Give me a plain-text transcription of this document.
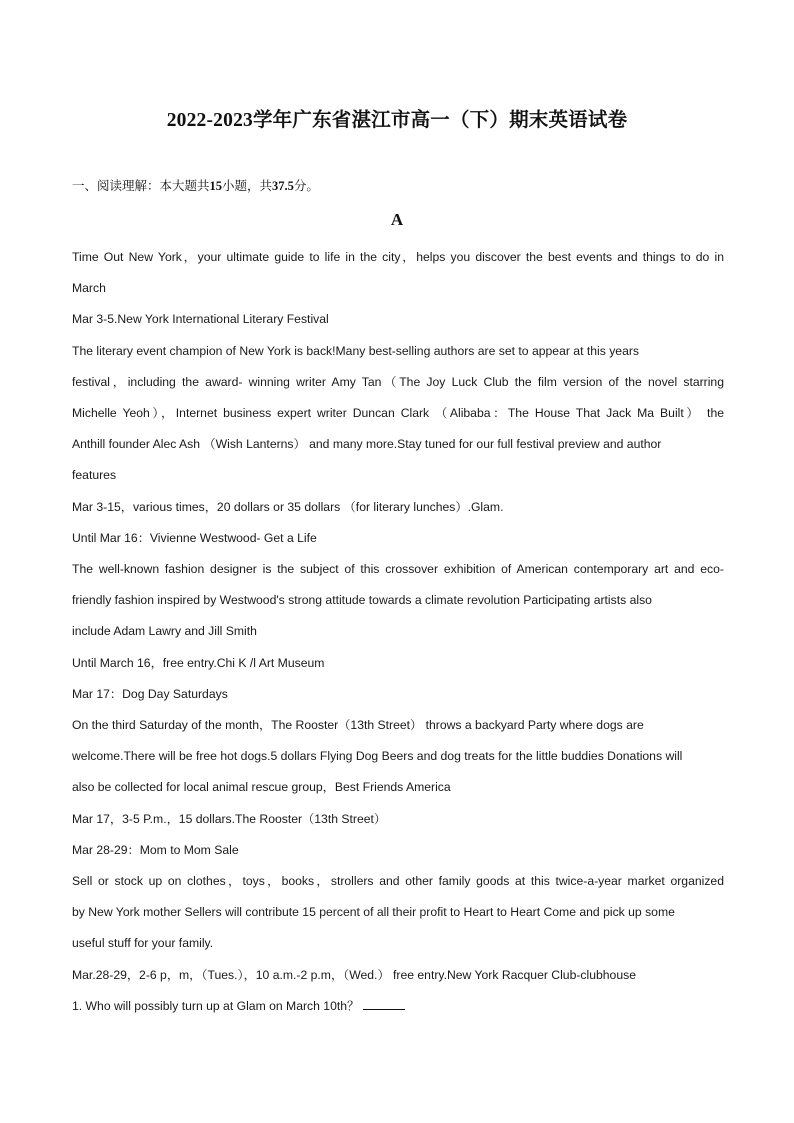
2022-2023学年广东省湛江市高一（下）期末英语试卷
一、阅读理解：本大题共15小题，共37.5分。
A
Time Out New York，your ultimate guide to life in the city，helps you discover the best events and things to do in
March
Mar 3-5.New York International Literary Festival
The literary event champion of New York is back!Many best-selling authors are set to appear at this years
festival，including the award- winning writer Amy Tan（The Joy Luck Club the film version of the novel starring
Michelle Yeoh），Internet business expert writer Duncan Clark （Alibaba：The House That Jack Ma Built） the
Anthill founder Alec Ash （Wish Lanterns） and many more.Stay tuned for our full festival preview and author
features
Mar 3-15，various times，20 dollars or 35 dollars （for literary lunches）.Glam.
Until Mar 16：Vivienne Westwood- Get a Life
The well-known fashion designer is the subject of this crossover exhibition of American contemporary art and eco-
friendly fashion inspired by Westwood's strong attitude towards a climate revolution Participating artists also
include Adam Lawry and Jill Smith
Until March 16，free entry.Chi K /l Art Museum
Mar 17：Dog Day Saturdays
On the third Saturday of the month，The Rooster（13th Street） throws a backyard Party where dogs are
welcome.There will be free hot dogs.5 dollars Flying Dog Beers and dog treats for the little buddies Donations will
also be collected for local animal rescue group，Best Friends America
Mar 17，3-5 P.m.，15 dollars.The Rooster（13th Street）
Mar 28-29：Mom to Mom Sale
Sell or stock up on clothes，toys，books，strollers and other family goods at this twice-a-year market organized
by New York mother Sellers will contribute 15 percent of all their profit to Heart to Heart Come and pick up some
useful stuff for your family.
Mar.28-29，2-6 p，m，（Tues.），10 a.m.-2 p.m，（Wed.） free entry.New York Racquer Club-clubhouse
1. Who will possibly turn up at Glam on March 10th？
